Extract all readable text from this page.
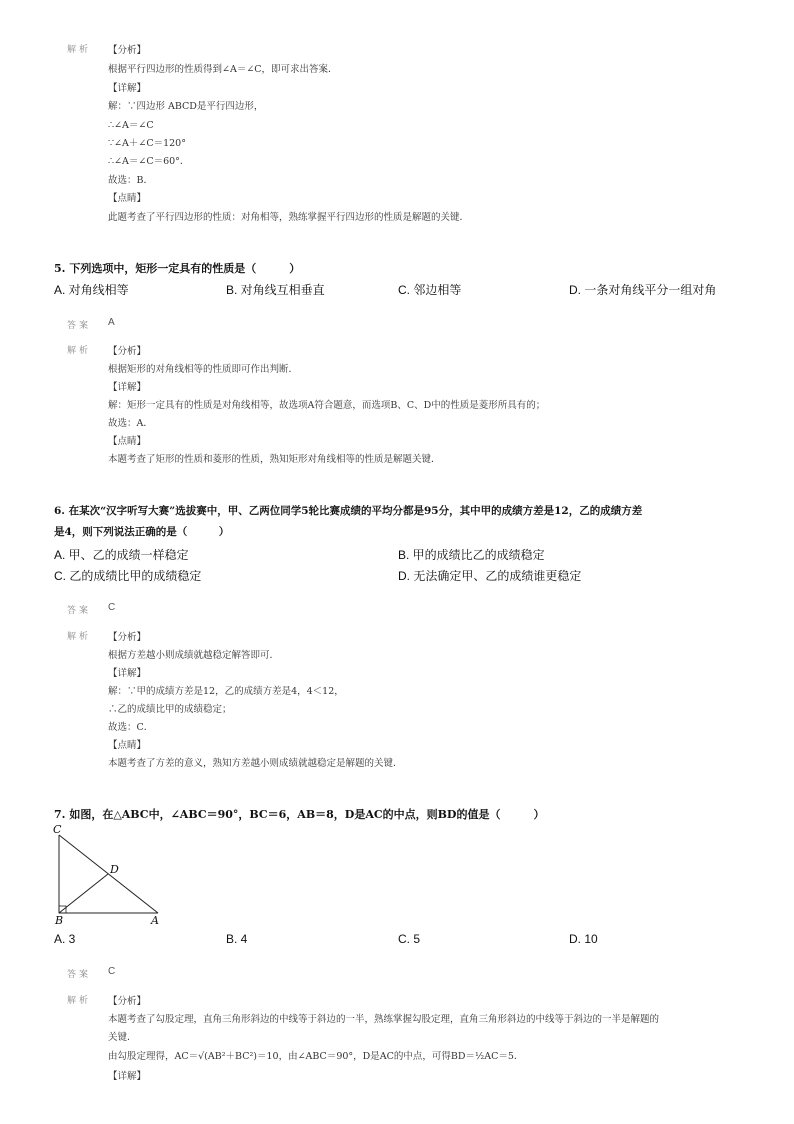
解析 【分析】
根据平行四边形的性质得到∠A＝∠C，即可求出答案．
【详解】
解：∵四边形 ABCD是平行四边形，
∴∠A＝∠C
∵∠A＋∠C＝120°
∴∠A＝∠C＝60°．
故选：B．
【点睛】
此题考查了平行四边形的性质：对角相等，熟练掌握平行四边形的性质是解题的关键．
5. 下列选项中，矩形一定具有的性质是（　　　）
A. 对角线相等	B. 对角线互相垂直	C. 邻边相等	D. 一条对角线平分一组对角
答案 A
解析 【分析】
根据矩形的对角线相等的性质即可作出判断．
【详解】
解：矩形一定具有的性质是对角线相等，故选项A符合题意，而选项B、C、D中的性质是菱形所具有的；
故选：A．
【点睛】
本题考查了矩形的性质和菱形的性质，熟知矩形对角线相等的性质是解题关键．
6. 在某次“汉字听写大赛”选拔赛中，甲、乙两位同学5轮比赛成绩的平均分都是95分，其中甲的成绩方差是12，乙的成绩方差
是4，则下列说法正确的是（　　　）
A. 甲、乙的成绩一样稳定	B. 甲的成绩比乙的成绩稳定
C. 乙的成绩比甲的成绩稳定	D. 无法确定甲、乙的成绩谁更稳定
答案 C
解析 【分析】
根据方差越小则成绩就越稳定解答即可．
【详解】
解：∵甲的成绩方差是12，乙的成绩方差是4，4＜12，
∴乙的成绩比甲的成绩稳定；
故选：C．
【点睛】
本题考查了方差的意义，熟知方差越小则成绩就越稳定是解题的关键．
7. 如图，在△ABC中，∠ABC＝90°，BC＝6，AB＝8，D是AC的中点，则BD的值是（　　　）
C
D
B	A
A. 3	B. 4	C. 5	D. 10
答案 C
解析 【分析】
本题考查了勾股定理，直角三角形斜边的中线等于斜边的一半，熟练掌握勾股定理，直角三角形斜边的中线等于斜边的一半是解题的
关键．
由勾股定理得，AC＝√(AB²＋BC²)＝10，由∠ABC＝90°，D是AC的中点，可得BD＝½AC＝5．
【详解】
